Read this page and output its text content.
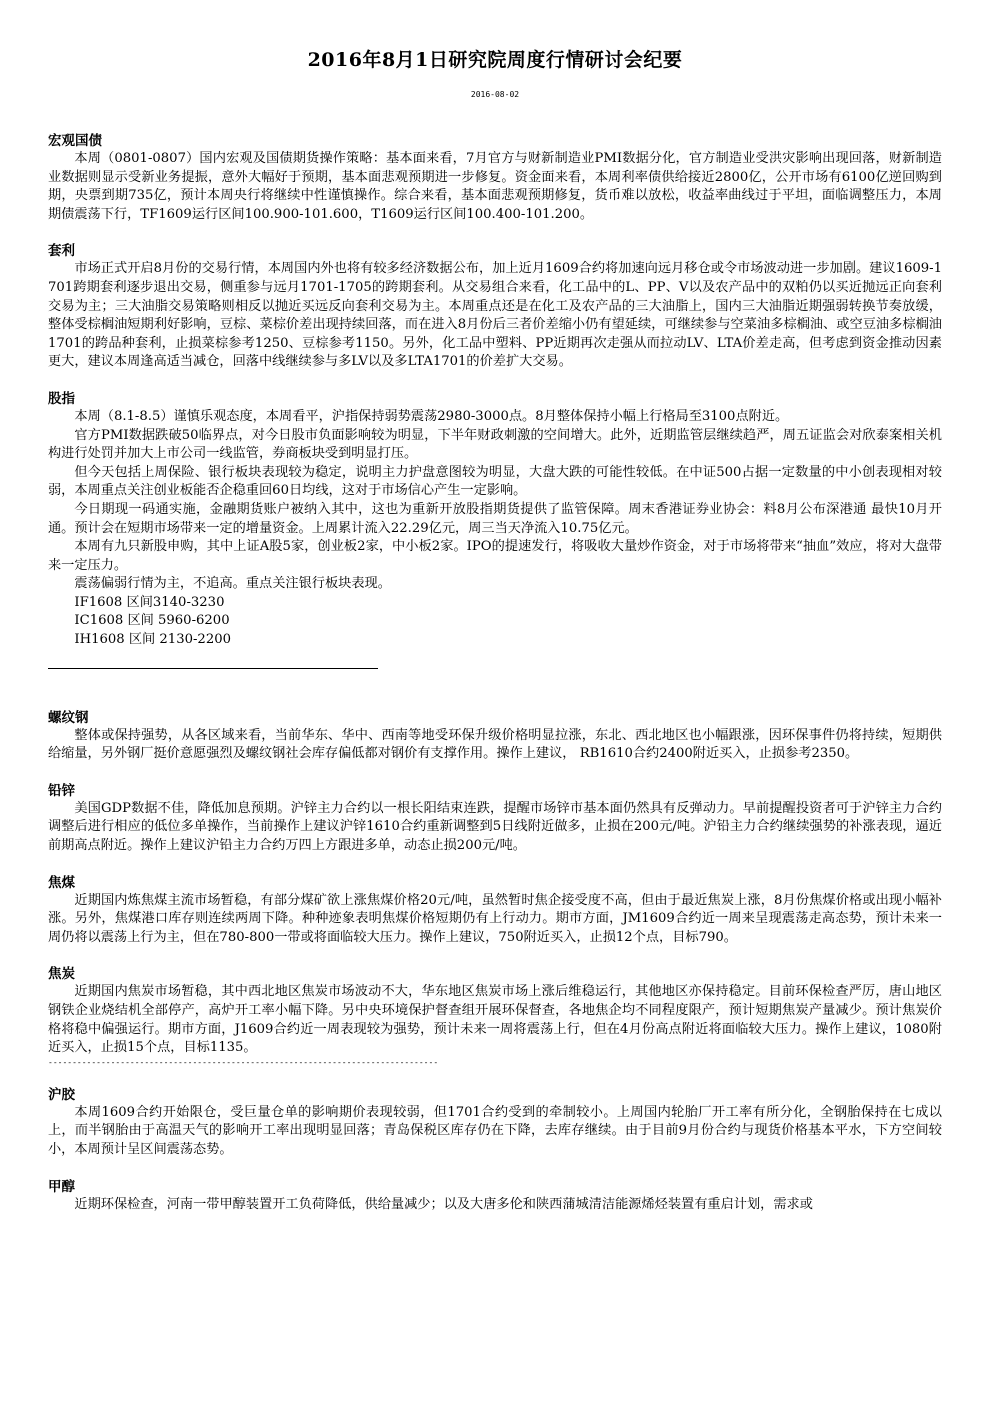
2016年8月1日研究院周度行情研讨会纪要
2016-08-02

宏观国债

本周（0801-0807）国内宏观及国债期货操作策略：基本面来看，7月官方与财新制造业PMI数据分化，官方制造业受洪灾影响出现回落，财新制造业数据则显示受新业务提振，意外大幅好于预期，基本面悲观预期进一步修复。资金面来看，本周利率债供给接近2800亿，公开市场有6100亿逆回购到期，央票到期735亿，预计本周央行将继续中性谨慎操作。综合来看，基本面悲观预期修复，货币难以放松，收益率曲线过于平坦，面临调整压力，本周期债震荡下行，TF1609运行区间100.900-101.600，T1609运行区间100.400-101.200。

套利

市场正式开启8月份的交易行情，本周国内外也将有较多经济数据公布，加上近月1609合约将加速向远月移仓或令市场波动进一步加剧。建议1609-1701跨期套利逐步退出交易，侧重参与远月1701-1705的跨期套利。从交易组合来看，化工品中的L、PP、V以及农产品中的双粕仍以买近抛远正向套利交易为主；三大油脂交易策略则相反以抛近买远反向套利交易为主。本周重点还是在化工及农产品的三大油脂上，国内三大油脂近期强弱转换节奏放缓，整体受棕榈油短期利好影响，豆棕、菜棕价差出现持续回落，而在进入8月份后三者价差缩小仍有望延续，可继续参与空菜油多棕榈油、或空豆油多棕榈油1701的跨品种套利，止损菜棕参考1250、豆棕参考1150。另外，化工品中塑料、PP近期再次走强从而拉动LV、LTA价差走高，但考虑到资金推动因素更大，建议本周逢高适当减仓，回落中线继续参与多LV以及多LTA1701的价差扩大交易。

股指

本周（8.1-8.5）谨慎乐观态度，本周看平，沪指保持弱势震荡2980-3000点。8月整体保持小幅上行格局至3100点附近。

官方PMI数据跌破50临界点，对今日股市负面影响较为明显，下半年财政刺激的空间增大。此外，近期监管层继续趋严，周五证监会对欣泰案相关机构进行处罚并加大上市公司一线监管，券商板块受到明显打压。

但今天包括上周保险、银行板块表现较为稳定，说明主力护盘意图较为明显，大盘大跌的可能性较低。在中证500占据一定数量的中小创表现相对较弱，本周重点关注创业板能否企稳重回60日均线，这对于市场信心产生一定影响。

今日期现一码通实施，金融期货账户被纳入其中，这也为重新开放股指期货提供了监管保障。周末香港证券业协会：料8月公布深港通 最快10月开通。预计会在短期市场带来一定的增量资金。上周累计流入22.29亿元，周三当天净流入10.75亿元。

本周有九只新股申购，其中上证A股5家，创业板2家，中小板2家。IPO的提速发行，将吸收大量炒作资金，对于市场将带来“抽血”效应，将对大盘带来一定压力。

震荡偏弱行情为主，不追高。重点关注银行板块表现。

IF1608 区间3140-3230

IC1608 区间 5960-6200

IH1608 区间 2130-2200

螺纹钢

整体或保持强势，从各区域来看，当前华东、华中、西南等地受环保升级价格明显拉涨，东北、西北地区也小幅跟涨，因环保事件仍将持续，短期供给缩量，另外钢厂挺价意愿强烈及螺纹钢社会库存偏低都对钢价有支撑作用。操作上建议， RB1610合约2400附近买入，止损参考2350。

铅锌

美国GDP数据不佳，降低加息预期。沪锌主力合约以一根长阳结束连跌，提醒市场锌市基本面仍然具有反弹动力。早前提醒投资者可于沪锌主力合约调整后进行相应的低位多单操作，当前操作上建议沪锌1610合约重新调整到5日线附近做多，止损在200元/吨。沪铅主力合约继续强势的补涨表现，逼近前期高点附近。操作上建议沪铅主力合约万四上方跟进多单，动态止损200元/吨。

焦煤

近期国内炼焦煤主流市场暂稳，有部分煤矿欲上涨焦煤价格20元/吨，虽然暂时焦企接受度不高，但由于最近焦炭上涨，8月份焦煤价格或出现小幅补涨。另外，焦煤港口库存则连续两周下降。种种迹象表明焦煤价格短期仍有上行动力。期市方面，JM1609合约近一周来呈现震荡走高态势，预计未来一周仍将以震荡上行为主，但在780-800一带或将面临较大压力。操作上建议，750附近买入，止损12个点，目标790。

焦炭

近期国内焦炭市场暂稳，其中西北地区焦炭市场波动不大，华东地区焦炭市场上涨后维稳运行，其他地区亦保持稳定。目前环保检查严厉，唐山地区钢铁企业烧结机全部停产，高炉开工率小幅下降。另中央环境保护督查组开展环保督查，各地焦企均不同程度限产，预计短期焦炭产量减少。预计焦炭价格将稳中偏强运行。期市方面，J1609合约近一周表现较为强势，预计未来一周将震荡上行，但在4月份高点附近将面临较大压力。操作上建议，1080附近买入，止损15个点，目标1135。

---------------------------------------------------------------------------------

沪胶

本周1609合约开始限仓，受巨量仓单的影响期价表现较弱，但1701合约受到的牵制较小。上周国内轮胎厂开工率有所分化，全钢胎保持在七成以上，而半钢胎由于高温天气的影响开工率出现明显回落；青岛保税区库存仍在下降，去库存继续。由于目前9月份合约与现货价格基本平水，下方空间较小，本周预计呈区间震荡态势。

甲醇

近期环保检查，河南一带甲醇装置开工负荷降低，供给量减少；以及大唐多伦和陕西蒲城清洁能源烯烃装置有重启计划，需求或
